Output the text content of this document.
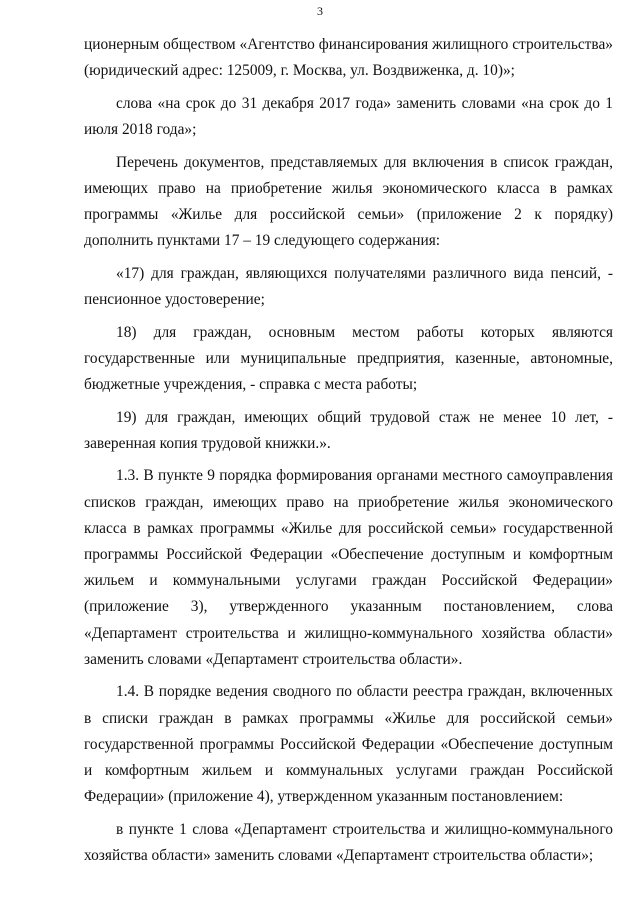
3

ционерным обществом «Агентство финансирования жилищного строительства» (юридический адрес: 125009, г. Москва, ул. Воздвиженка, д. 10)»;

слова «на срок до 31 декабря 2017 года» заменить словами «на срок до 1 июля 2018 года»;

Перечень документов, представляемых для включения в список граждан, имеющих право на приобретение жилья экономического класса в рамках программы «Жилье для российской семьи» (приложение 2 к порядку) дополнить пунктами 17 – 19 следующего содержания:

«17) для граждан, являющихся получателями различного вида пенсий, - пенсионное удостоверение;

18) для граждан, основным местом работы которых являются государственные или муниципальные предприятия, казенные, автономные, бюджетные учреждения, - справка с места работы;

19) для граждан, имеющих общий трудовой стаж не менее 10 лет, - заверенная копия трудовой книжки.».

1.3. В пункте 9 порядка формирования органами местного самоуправления списков граждан, имеющих право на приобретение жилья экономического класса в рамках программы «Жилье для российской семьи» государственной программы Российской Федерации «Обеспечение доступным и комфортным жильем и коммунальными услугами граждан Российской Федерации» (приложение 3), утвержденного указанным постановлением, слова «Департамент строительства и жилищно-коммунального хозяйства области» заменить словами «Департамент строительства области».

1.4. В порядке ведения сводного по области реестра граждан, включенных в списки граждан в рамках программы «Жилье для российской семьи» государственной программы Российской Федерации «Обеспечение доступным и комфортным жильем и коммунальных услугами граждан Российской Федерации» (приложение 4), утвержденном указанным постановлением:

в пункте 1 слова «Департамент строительства и жилищно-коммунального хозяйства области» заменить словами «Департамент строительства области»;
